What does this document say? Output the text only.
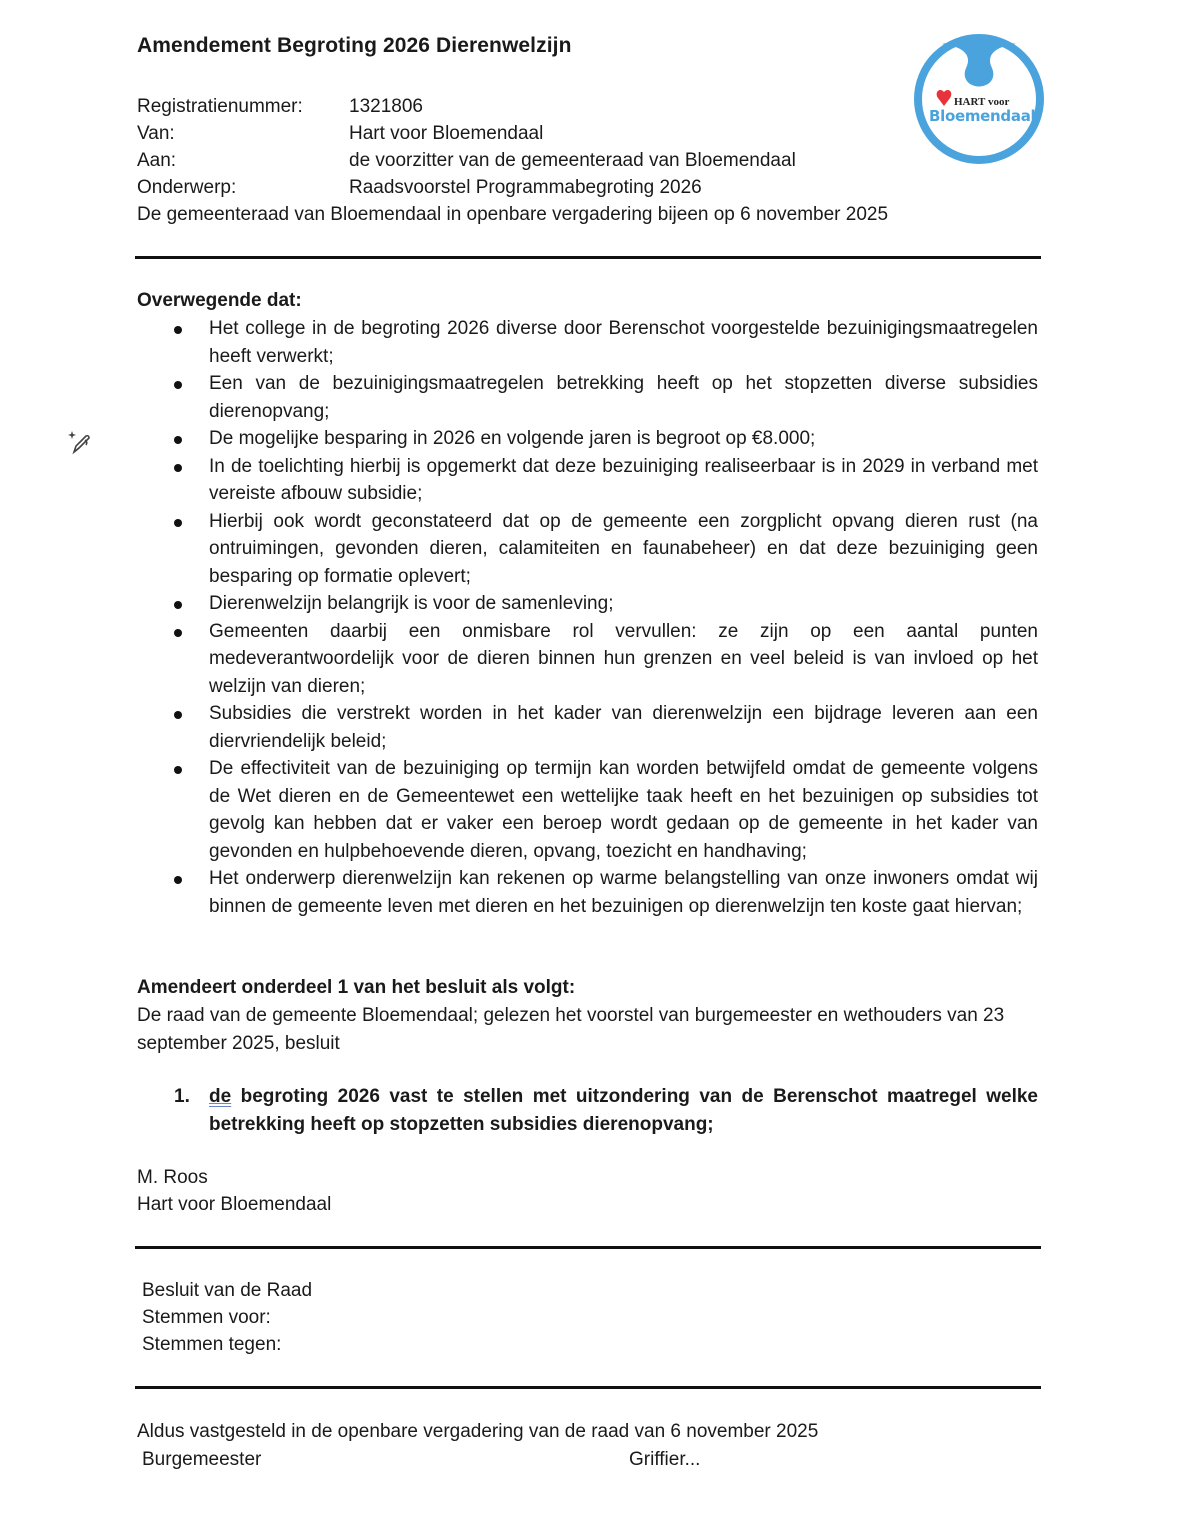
Amendement Begroting 2026 Dierenwelzijn
HART voor
Bloemendaal
Registratienummer: 1321806
Van:	Hart voor Bloemendaal
Aan:	de voorzitter van de gemeenteraad van Bloemendaal
Onderwerp:	Raadsvoorstel Programmabegroting 2026
De gemeenteraad van Bloemendaal in openbare vergadering bijeen op 6 november 2025
Overwegende dat:
Het college in de begroting 2026 diverse door Berenschot voorgestelde bezuinigingsmaatregelen heeft verwerkt;
Een van de bezuinigingsmaatregelen betrekking heeft op het stopzetten diverse subsidies dierenopvang;
De mogelijke besparing in 2026 en volgende jaren is begroot op €8.000;
In de toelichting hierbij is opgemerkt dat deze bezuiniging realiseerbaar is in 2029 in verband met vereiste afbouw subsidie;
Hierbij ook wordt geconstateerd dat op de gemeente een zorgplicht opvang dieren rust (na ontruimingen, gevonden dieren, calamiteiten en faunabeheer) en dat deze bezuiniging geen besparing op formatie oplevert;
Dierenwelzijn belangrijk is voor de samenleving;
Gemeenten daarbij een onmisbare rol vervullen: ze zijn op een aantal punten medeverantwoordelijk voor de dieren binnen hun grenzen en veel beleid is van invloed op het welzijn van dieren;
Subsidies die verstrekt worden in het kader van dierenwelzijn een bijdrage leveren aan een diervriendelijk beleid;
De effectiviteit van de bezuiniging op termijn kan worden betwijfeld omdat de gemeente volgens de Wet dieren en de Gemeentewet een wettelijke taak heeft en het bezuinigen op subsidies tot gevolg kan hebben dat er vaker een beroep wordt gedaan op de gemeente in het kader van gevonden en hulpbehoevende dieren, opvang, toezicht en handhaving;
Het onderwerp dierenwelzijn kan rekenen op warme belangstelling van onze inwoners omdat wij binnen de gemeente leven met dieren en het bezuinigen op dierenwelzijn ten koste gaat hiervan;
Amendeert onderdeel 1 van het besluit als volgt:
De raad van de gemeente Bloemendaal; gelezen het voorstel van burgemeester en wethouders van 23 september 2025, besluit
1.	de begroting 2026 vast te stellen met uitzondering van de Berenschot maatregel welke betrekking heeft op stopzetten subsidies dierenopvang;
M. Roos
Hart voor Bloemendaal
Besluit van de Raad
Stemmen voor:
Stemmen tegen:
Aldus vastgesteld in de openbare vergadering van de raad van 6 november 2025
Burgemeester	Griffier...
